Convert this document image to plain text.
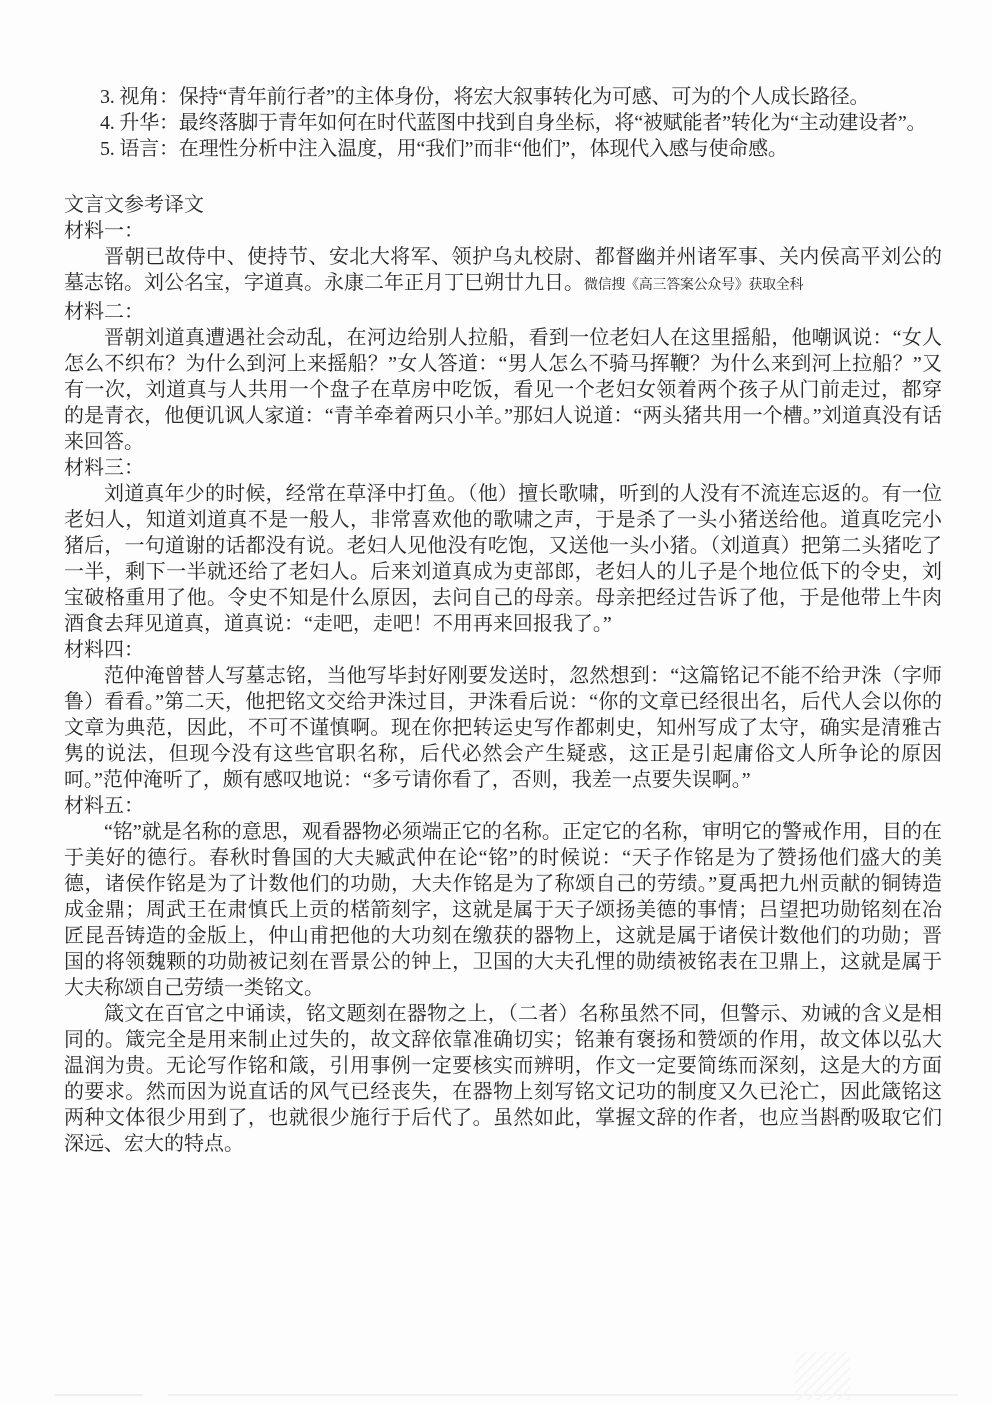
3. 视角：保持“青年前行者”的主体身份，将宏大叙事转化为可感、可为的个人成长路径。
4. 升华：最终落脚于青年如何在时代蓝图中找到自身坐标，将“被赋能者”转化为“主动建设者”。
5. 语言：在理性分析中注入温度，用“我们”而非“他们”，体现代入感与使命感。
文言文参考译文
材料一：

晋朝已故侍中、使持节、安北大将军、领护乌丸校尉、都督幽并州诸军事、关内侯高平刘公的墓志铭。刘公名宝，字道真。永康二年正月丁巳朔廿九日。微信搜《高三答案公众号》获取全科

材料二：

晋朝刘道真遭遇社会动乱，在河边给别人拉船，看到一位老妇人在这里摇船，他嘲讽说：“女人怎么不织布？为什么到河上来摇船？”女人答道：“男人怎么不骑马挥鞭？为什么来到河上拉船？”又有一次，刘道真与人共用一个盘子在草房中吃饭，看见一个老妇女领着两个孩子从门前走过，都穿的是青衣，他便讥讽人家道：“青羊牵着两只小羊。”那妇人说道：“两头猪共用一个槽。”刘道真没有话来回答。

材料三：

刘道真年少的时候，经常在草泽中打鱼。（他）擅长歌啸，听到的人没有不流连忘返的。有一位老妇人，知道刘道真不是一般人，非常喜欢他的歌啸之声，于是杀了一头小猪送给他。道真吃完小猪后，一句道谢的话都没有说。老妇人见他没有吃饱，又送他一头小猪。（刘道真）把第二头猪吃了一半，剩下一半就还给了老妇人。后来刘道真成为吏部郎，老妇人的儿子是个地位低下的令史，刘宝破格重用了他。令史不知是什么原因，去问自己的母亲。母亲把经过告诉了他，于是他带上牛肉酒食去拜见道真，道真说：“走吧，走吧！不用再来回报我了。”

材料四：

范仲淹曾替人写墓志铭，当他写毕封好刚要发送时，忽然想到：“这篇铭记不能不给尹洙（字师鲁）看看。”第二天，他把铭文交给尹洙过目，尹洙看后说：“你的文章已经很出名，后代人会以你的文章为典范，因此，不可不谨慎啊。现在你把转运史写作都刺史，知州写成了太守，确实是清雅古隽的说法，但现今没有这些官职名称，后代必然会产生疑惑，这正是引起庸俗文人所争论的原因呵。”范仲淹听了，颇有感叹地说：“多亏请你看了，否则，我差一点要失误啊。”

材料五：

“铭”就是名称的意思，观看器物必须端正它的名称。正定它的名称，审明它的警戒作用，目的在于美好的德行。春秋时鲁国的大夫臧武仲在论“铭”的时候说：“天子作铭是为了赞扬他们盛大的美德，诸侯作铭是为了计数他们的功勋，大夫作铭是为了称颂自己的劳绩。”夏禹把九州贡献的铜铸造成金鼎；周武王在肃慎氏上贡的楛箭刻字，这就是属于天子颂扬美德的事情；吕望把功勋铭刻在冶匠昆吾铸造的金版上，仲山甫把他的大功刻在缴获的器物上，这就是属于诸侯计数他们的功勋；晋国的将领魏颗的功勋被记刻在晋景公的钟上，卫国的大夫孔悝的勋绩被铭表在卫鼎上，这就是属于大夫称颂自己劳绩一类铭文。

箴文在百官之中诵读，铭文题刻在器物之上，（二者）名称虽然不同，但警示、劝诫的含义是相同的。箴完全是用来制止过失的，故文辞依靠准确切实；铭兼有褒扬和赞颂的作用，故文体以弘大温润为贵。无论写作铭和箴，引用事例一定要核实而辨明，作文一定要简练而深刻，这是大的方面的要求。然而因为说直话的风气已经丧失，在器物上刻写铭文记功的制度又久已沦亡，因此箴铭这两种文体很少用到了，也就很少施行于后代了。虽然如此，掌握文辞的作者，也应当斟酌吸取它们深远、宏大的特点。
